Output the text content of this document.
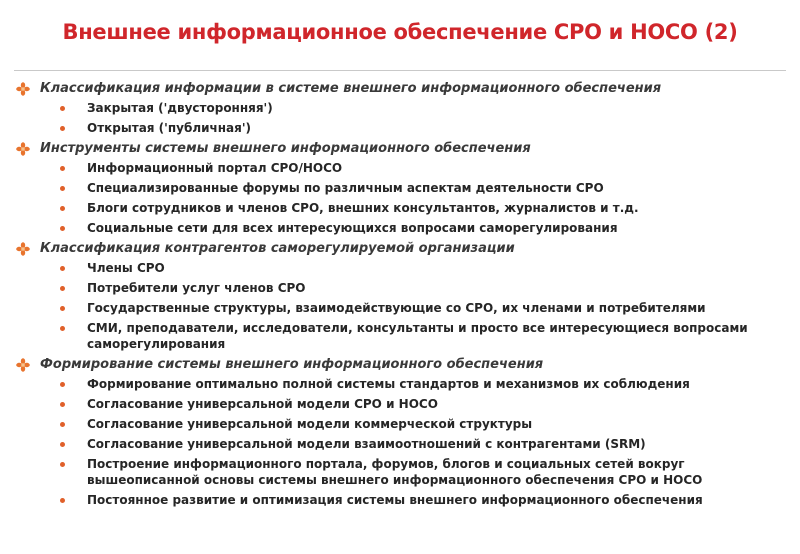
Внешнее информационное обеспечение СРО и НОСО (2)
Классификация информации в системе внешнего информационного обеспечения
Закрытая ('двусторонняя')
Открытая ('публичная')
Инструменты системы внешнего информационного обеспечения
Информационный портал СРО/НОСО
Специализированные форумы по различным аспектам деятельности СРО
Блоги сотрудников и членов СРО, внешних консультантов, журналистов и т.д.
Социальные сети для всех интересующихся вопросами саморегулирования
Классификация контрагентов саморегулируемой организации
Члены СРО
Потребители услуг членов СРО
Государственные структуры, взаимодействующие со СРО, их членами и потребителями
СМИ, преподаватели, исследователи, консультанты и просто все интересующиеся вопросами саморегулирования
Формирование системы внешнего информационного обеспечения
Формирование оптимально полной системы стандартов и механизмов их соблюдения
Согласование универсальной модели СРО и НОСО
Согласование универсальной модели коммерческой структуры
Согласование универсальной модели взаимоотношений с контрагентами (SRM)
Построение информационного портала, форумов, блогов и социальных сетей вокруг вышеописанной основы системы внешнего информационного обеспечения СРО и НОСО
Постоянное развитие и оптимизация системы внешнего информационного обеспечения
